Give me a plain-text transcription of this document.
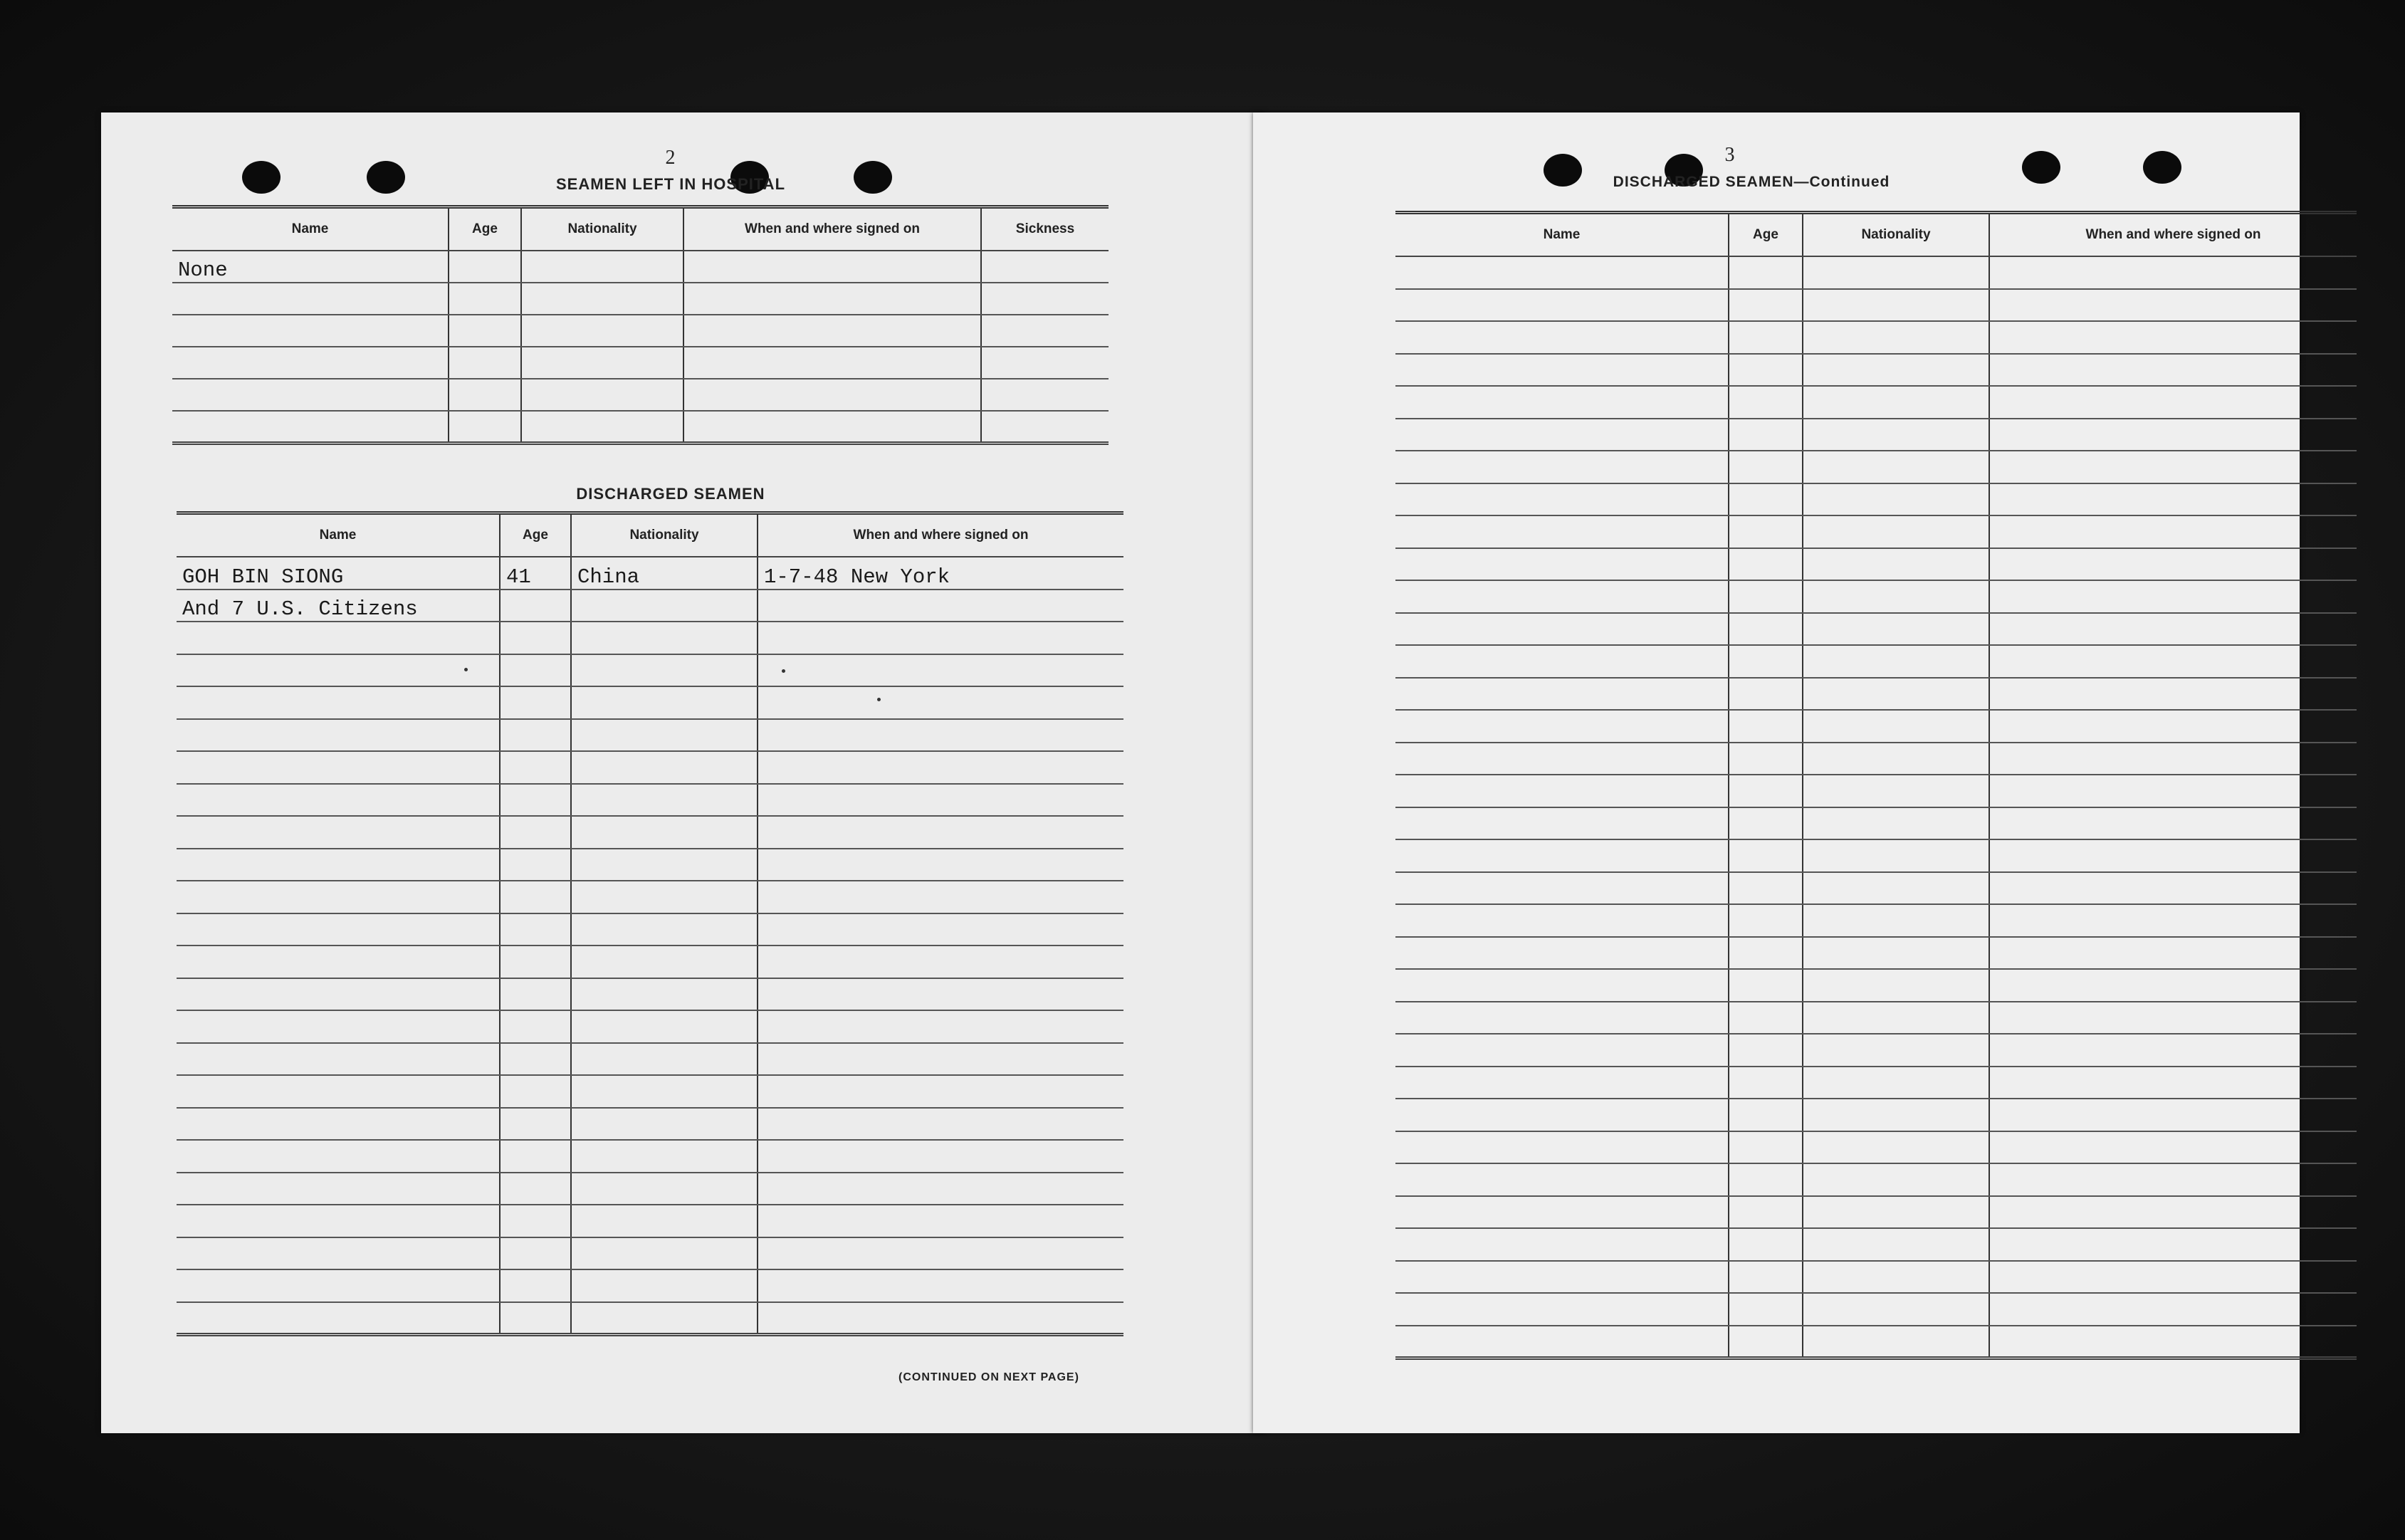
2
SEAMEN LEFT IN HOSPITAL
Name	Age	Nationality	When and where signed on	Sickness
None				

DISCHARGED SEAMEN
Name	Age	Nationality	When and where signed on
GOH BIN SIONG	41	China	1-7-48 New York
And 7 U.S. Citizens			

(CONTINUED ON NEXT PAGE)
3
DISCHARGED SEAMEN—Continued
Name	Age	Nationality	When and where signed on
